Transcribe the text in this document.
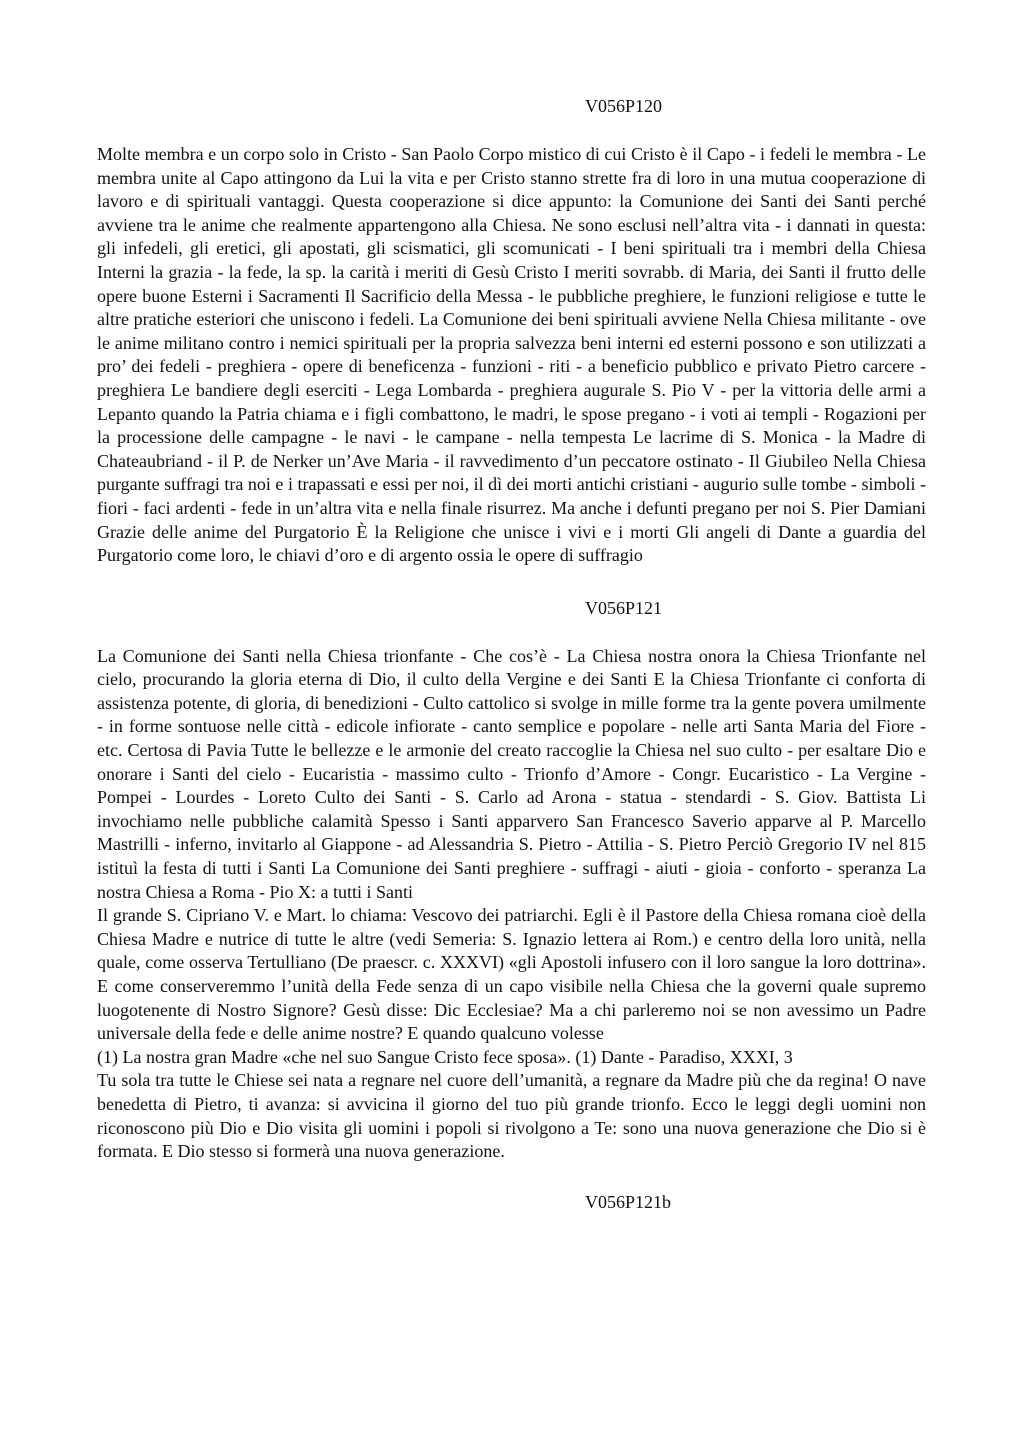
V056P120

Molte membra e un corpo solo in Cristo - San Paolo Corpo mistico di cui Cristo è il Capo - i fedeli le membra - Le membra unite al Capo attingono da Lui la vita e per Cristo stanno strette fra di loro in una mutua cooperazione di lavoro e di spirituali vantaggi. Questa cooperazione si dice appunto: la Comunione dei Santi dei Santi perché avviene tra le anime che realmente appartengono alla Chiesa. Ne sono esclusi nell’altra vita - i dannati in questa: gli infedeli, gli eretici, gli apostati, gli scismatici, gli scomunicati - I beni spirituali tra i membri della Chiesa Interni la grazia - la fede, la sp. la carità i meriti di Gesù Cristo I meriti sovrabb. di Maria, dei Santi il frutto delle opere buone Esterni i Sacramenti Il Sacrificio della Messa - le pubbliche preghiere, le funzioni religiose e tutte le altre pratiche esteriori che uniscono i fedeli. La Comunione dei beni spirituali avviene Nella Chiesa militante - ove le anime militano contro i nemici spirituali per la propria salvezza beni interni ed esterni possono e son utilizzati a pro’ dei fedeli - preghiera - opere di beneficenza - funzioni - riti - a beneficio pubblico e privato Pietro carcere - preghiera Le bandiere degli eserciti - Lega Lombarda - preghiera augurale S. Pio V - per la vittoria delle armi a Lepanto quando la Patria chiama e i figli combattono, le madri, le spose pregano - i voti ai templi - Rogazioni per la processione delle campagne - le navi - le campane - nella tempesta Le lacrime di S. Monica - la Madre di Chateaubriand - il P. de Nerker un’Ave Maria - il ravvedimento d’un peccatore ostinato - Il Giubileo Nella Chiesa purgante suffragi tra noi e i trapassati e essi per noi, il dì dei morti antichi cristiani - augurio sulle tombe - simboli - fiori - faci ardenti - fede in un’altra vita e nella finale risurrez. Ma anche i defunti pregano per noi S. Pier Damiani Grazie delle anime del Purgatorio È la Religione che unisce i vivi e i morti Gli angeli di Dante a guardia del Purgatorio come loro, le chiavi d’oro e di argento ossia le opere di suffragio

V056P121

La Comunione dei Santi nella Chiesa trionfante - Che cos’è - La Chiesa nostra onora la Chiesa Trionfante nel cielo, procurando la gloria eterna di Dio, il culto della Vergine e dei Santi E la Chiesa Trionfante ci conforta di assistenza potente, di gloria, di benedizioni - Culto cattolico si svolge in mille forme tra la gente povera umilmente - in forme sontuose nelle città - edicole infiorate - canto semplice e popolare - nelle arti Santa Maria del Fiore - etc. Certosa di Pavia Tutte le bellezze e le armonie del creato raccoglie la Chiesa nel suo culto - per esaltare Dio e onorare i Santi del cielo - Eucaristia - massimo culto - Trionfo d’Amore - Congr. Eucaristico - La Vergine - Pompei - Lourdes - Loreto Culto dei Santi - S. Carlo ad Arona - statua - stendardi - S. Giov. Battista Li invochiamo nelle pubbliche calamità Spesso i Santi apparvero San Francesco Saverio apparve al P. Marcello Mastrilli - inferno, invitarlo al Giappone - ad Alessandria S. Pietro - Attilia - S. Pietro Perciò Gregorio IV nel 815 istituì la festa di tutti i Santi La Comunione dei Santi preghiere - suffragi - aiuti - gioia - conforto - speranza La nostra Chiesa a Roma - Pio X: a tutti i Santi

Il grande S. Cipriano V. e Mart. lo chiama: Vescovo dei patriarchi. Egli è il Pastore della Chiesa romana cioè della Chiesa Madre e nutrice di tutte le altre (vedi Semeria: S. Ignazio lettera ai Rom.) e centro della loro unità, nella quale, come osserva Tertulliano (De praescr. c. XXXVI) «gli Apostoli infusero con il loro sangue la loro dottrina». E come conserveremmo l’unità della Fede senza di un capo visibile nella Chiesa che la governi quale supremo luogotenente di Nostro Signore? Gesù disse: Dic Ecclesiae? Ma a chi parleremo noi se non avessimo un Padre universale della fede e delle anime nostre? E quando qualcuno volesse

(1) La nostra gran Madre «che nel suo Sangue Cristo fece sposa». (1) Dante - Paradiso, XXXI, 3

Tu sola tra tutte le Chiese sei nata a regnare nel cuore dell’umanità, a regnare da Madre più che da regina! O nave benedetta di Pietro, ti avanza: si avvicina il giorno del tuo più grande trionfo. Ecco le leggi degli uomini non riconoscono più Dio e Dio visita gli uomini i popoli si rivolgono a Te: sono una nuova generazione che Dio si è formata. E Dio stesso si formerà una nuova generazione.

V056P121b
